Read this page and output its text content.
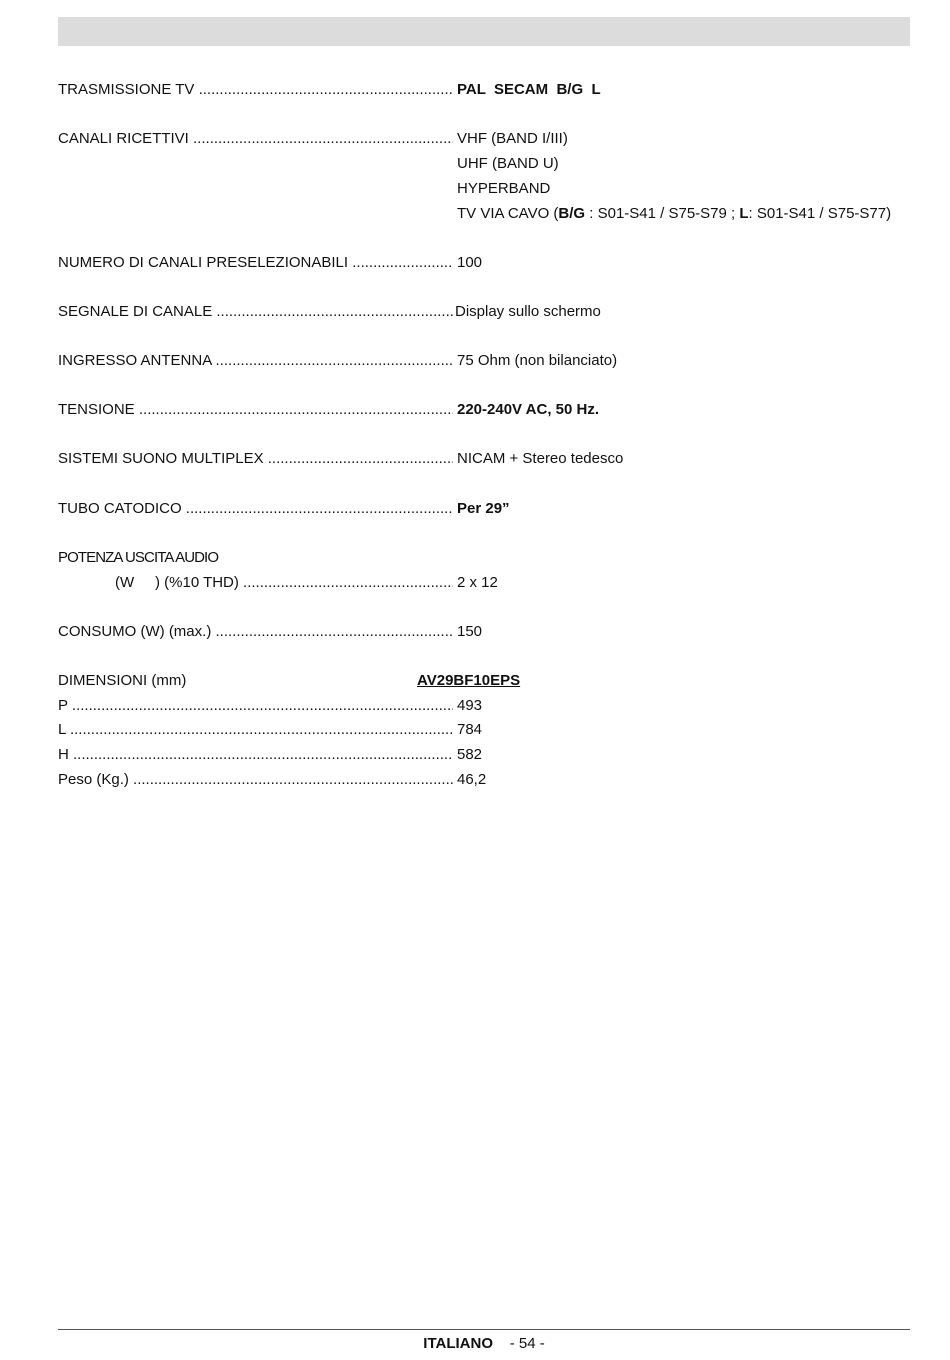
TRASMISSIONE TV .....	PAL  SECAM  B/G  L
CANALI RICETTIVI .....	VHF (BAND I/III)
UHF (BAND U)
HYPERBAND
TV VIA CAVO (B/G : S01-S41 / S75-S79 ; L: S01-S41 / S75-S77)
NUMERO DI CANALI PRESELEZIONABILI .....	100
SEGNALE DI CANALE .....	Display sullo schermo
INGRESSO ANTENNA .....	75 Ohm (non bilanciato)
TENSIONE .....	220-240V AC, 50 Hz.
SISTEMI SUONO MULTIPLEX .....	NICAM + Stereo tedesco
TUBO CATODICO .....	Per 29”
POTENZA USCITA AUDIO
(W     ) (%10 THD) .....	2 x 12
CONSUMO (W) (max.) .....	150
DIMENSIONI (mm)	AV29BF10EPS
P .....	493
L .....	784
H .....	582
Peso (Kg.) .....	46,2
ITALIANO - 54 -
